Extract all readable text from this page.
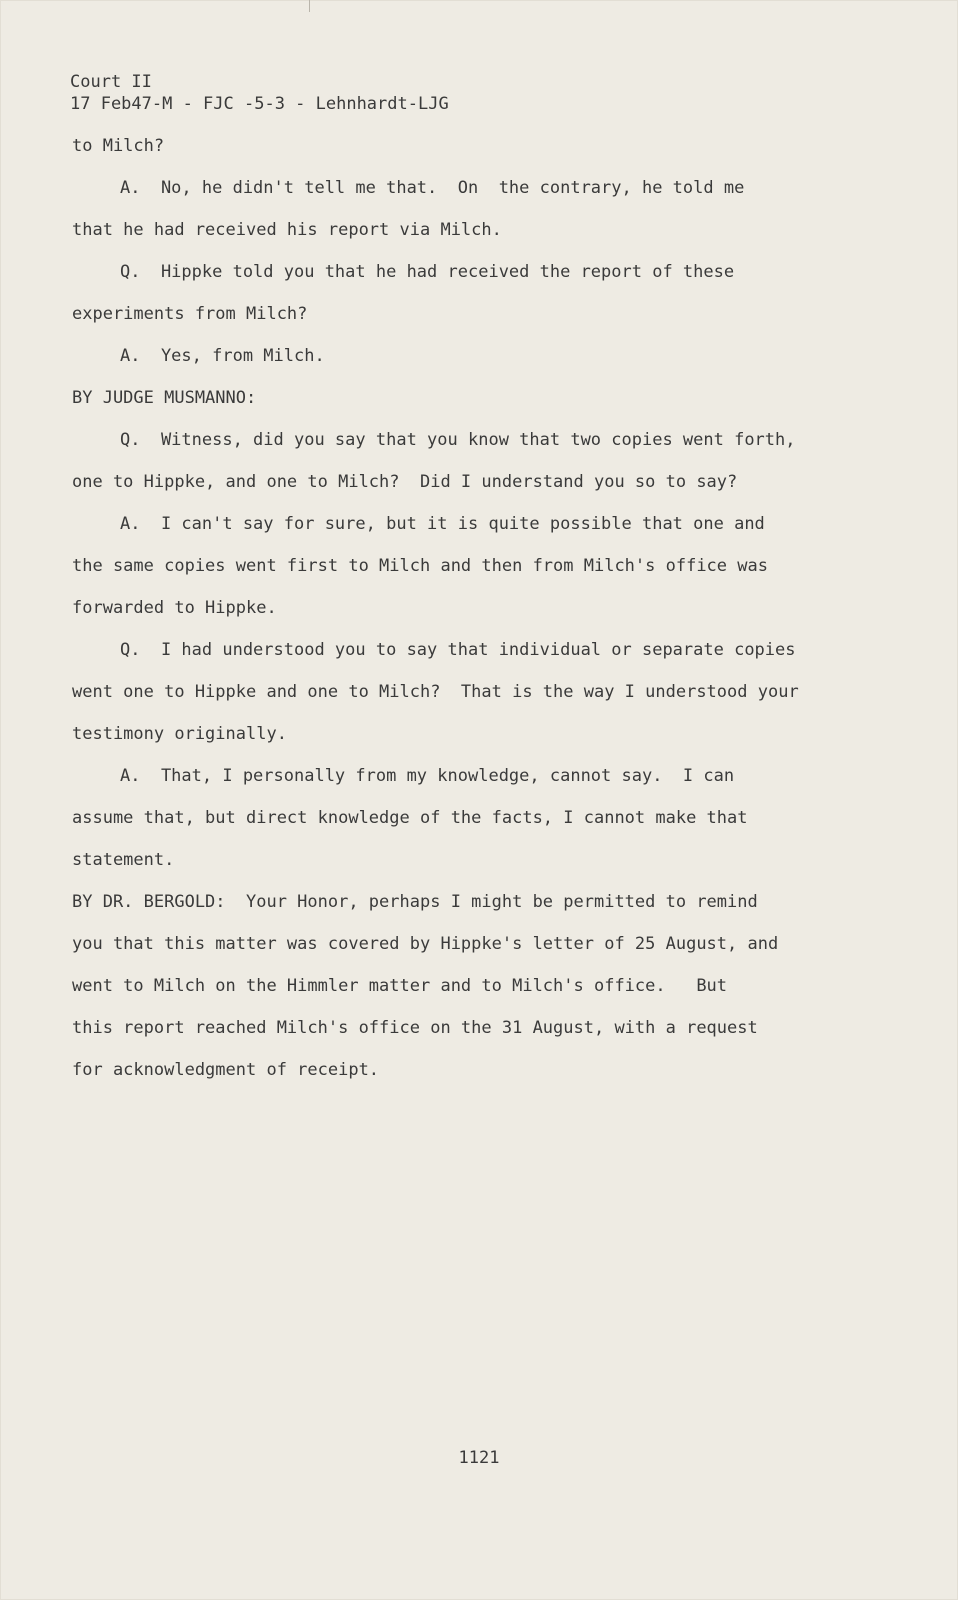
Court II
17 Feb47-M - FJC -5-3 - Lehnhardt-LJG
to Milch?
A.  No, he didn't tell me that.  On  the contrary, he told me
that he had received his report via Milch.
Q.  Hippke told you that he had received the report of these
experiments from Milch?
A.  Yes, from Milch.
BY JUDGE MUSMANNO:
Q.  Witness, did you say that you know that two copies went forth,
one to Hippke, and one to Milch?  Did I understand you so to say?
A.  I can't say for sure, but it is quite possible that one and
the same copies went first to Milch and then from Milch's office was
forwarded to Hippke.
Q.  I had understood you to say that individual or separate copies
went one to Hippke and one to Milch?  That is the way I understood your
testimony originally.
A.  That, I personally from my knowledge, cannot say.  I can
assume that, but direct knowledge of the facts, I cannot make that
statement.
BY DR. BERGOLD:  Your Honor, perhaps I might be permitted to remind
you that this matter was covered by Hippke's letter of 25 August, and
went to Milch on the Himmler matter and to Milch's office.   But
this report reached Milch's office on the 31 August, with a request
for acknowledgment of receipt.
1121
